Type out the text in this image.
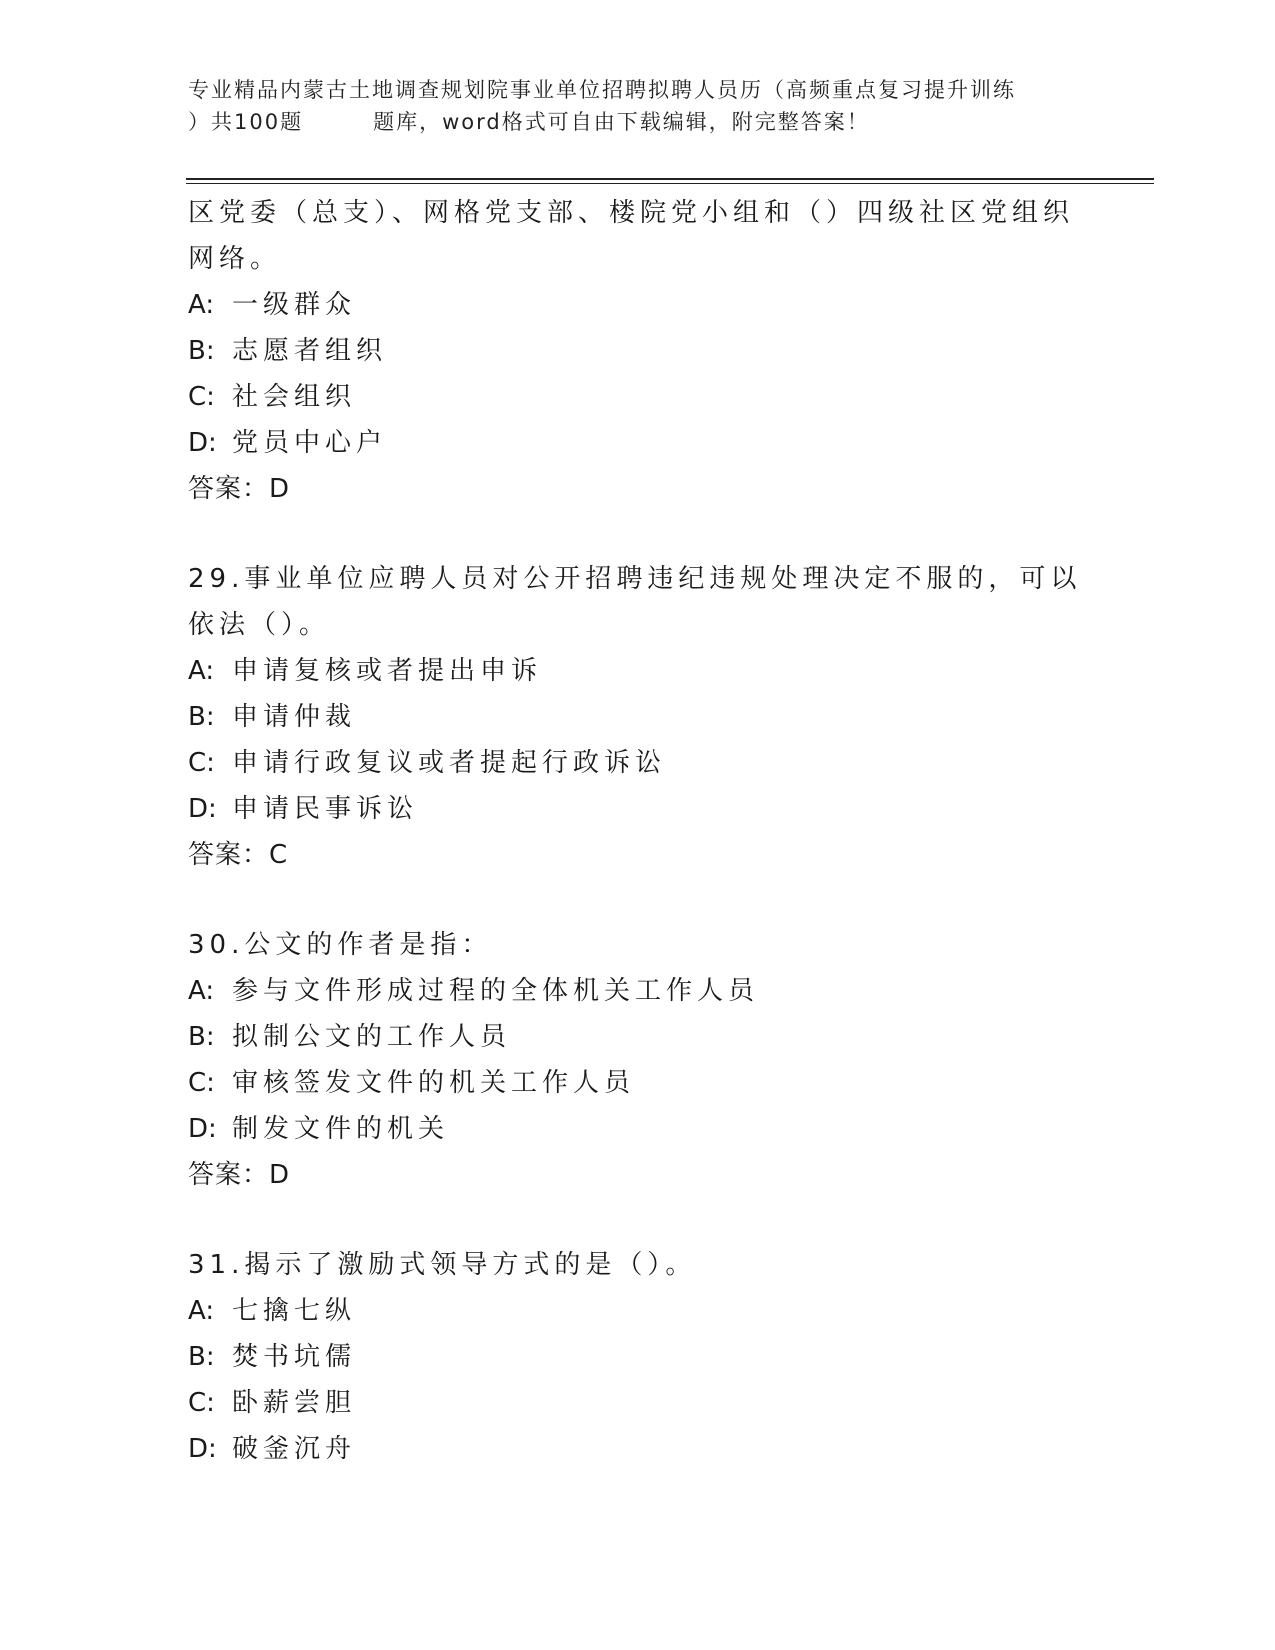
专业精品内蒙古土地调查规划院事业单位招聘拟聘人员历（高频重点复习提升训练
）共100题	题库，word格式可自由下载编辑，附完整答案！

区党委（总支）、网格党支部、楼院党小组和（）四级社区党组织网络。

A: 一级群众

B: 志愿者组织

C: 社会组织

D: 党员中心户

答案：D

29.事业单位应聘人员对公开招聘违纪违规处理决定不服的，可以依法（）。

A: 申请复核或者提出申诉

B: 申请仲裁

C: 申请行政复议或者提起行政诉讼

D: 申请民事诉讼

答案：C

30.公文的作者是指：

A: 参与文件形成过程的全体机关工作人员

B: 拟制公文的工作人员

C: 审核签发文件的机关工作人员

D: 制发文件的机关

答案：D

31.揭示了激励式领导方式的是（）。

A: 七擒七纵

B: 焚书坑儒

C: 卧薪尝胆

D: 破釜沉舟
